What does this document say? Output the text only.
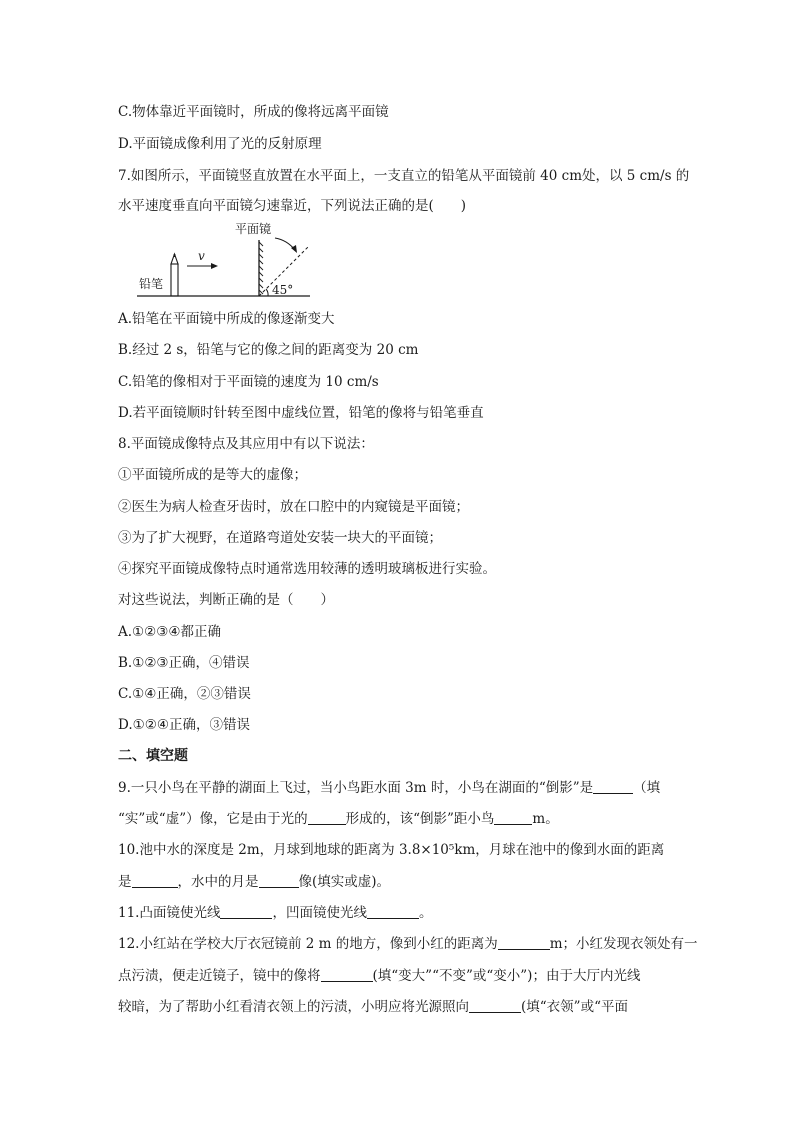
C.物体靠近平面镜时，所成的像将远离平面镜
D.平面镜成像利用了光的反射原理
7.如图所示，平面镜竖直放置在水平面上，一支直立的铅笔从平面镜前 40 cm处，以 5 cm/s 的
水平速度垂直向平面镜匀速靠近，下列说法正确的是(　　)
铅笔
v
平面镜
45°
A.铅笔在平面镜中所成的像逐渐变大
B.经过 2 s，铅笔与它的像之间的距离变为 20 cm
C.铅笔的像相对于平面镜的速度为 10 cm/s
D.若平面镜顺时针转至图中虚线位置，铅笔的像将与铅笔垂直
8.平面镜成像特点及其应用中有以下说法：
①平面镜所成的是等大的虚像；
②医生为病人检查牙齿时，放在口腔中的内窥镜是平面镜；
③为了扩大视野，在道路弯道处安装一块大的平面镜；
④探究平面镜成像特点时通常选用较薄的透明玻璃板进行实验。
对这些说法，判断正确的是（　　）
A.①②③④都正确
B.①②③正确，④错误
C.①④正确，②③错误
D.①②④正确，③错误
二、填空题
9.一只小鸟在平静的湖面上飞过，当小鸟距水面 3m 时，小鸟在湖面的“倒影”是	（填
“实”或“虚”）像，它是由于光的	形成的，该“倒影”距小鸟	m。
10.池中水的深度是 2m，月球到地球的距离为 3.8×10⁵km，月球在池中的像到水面的距离
是	，水中的月是	像(填实或虚)。
11.凸面镜使光线	，凹面镜使光线	。
12.小红站在学校大厅衣冠镜前 2 m 的地方，像到小红的距离为	m；小红发现衣领处有一
点污渍，便走近镜子，镜中的像将	(填“变大”“不变”或“变小”)；由于大厅内光线
较暗，为了帮助小红看清衣领上的污渍，小明应将光源照向	(填“衣领”或“平面
